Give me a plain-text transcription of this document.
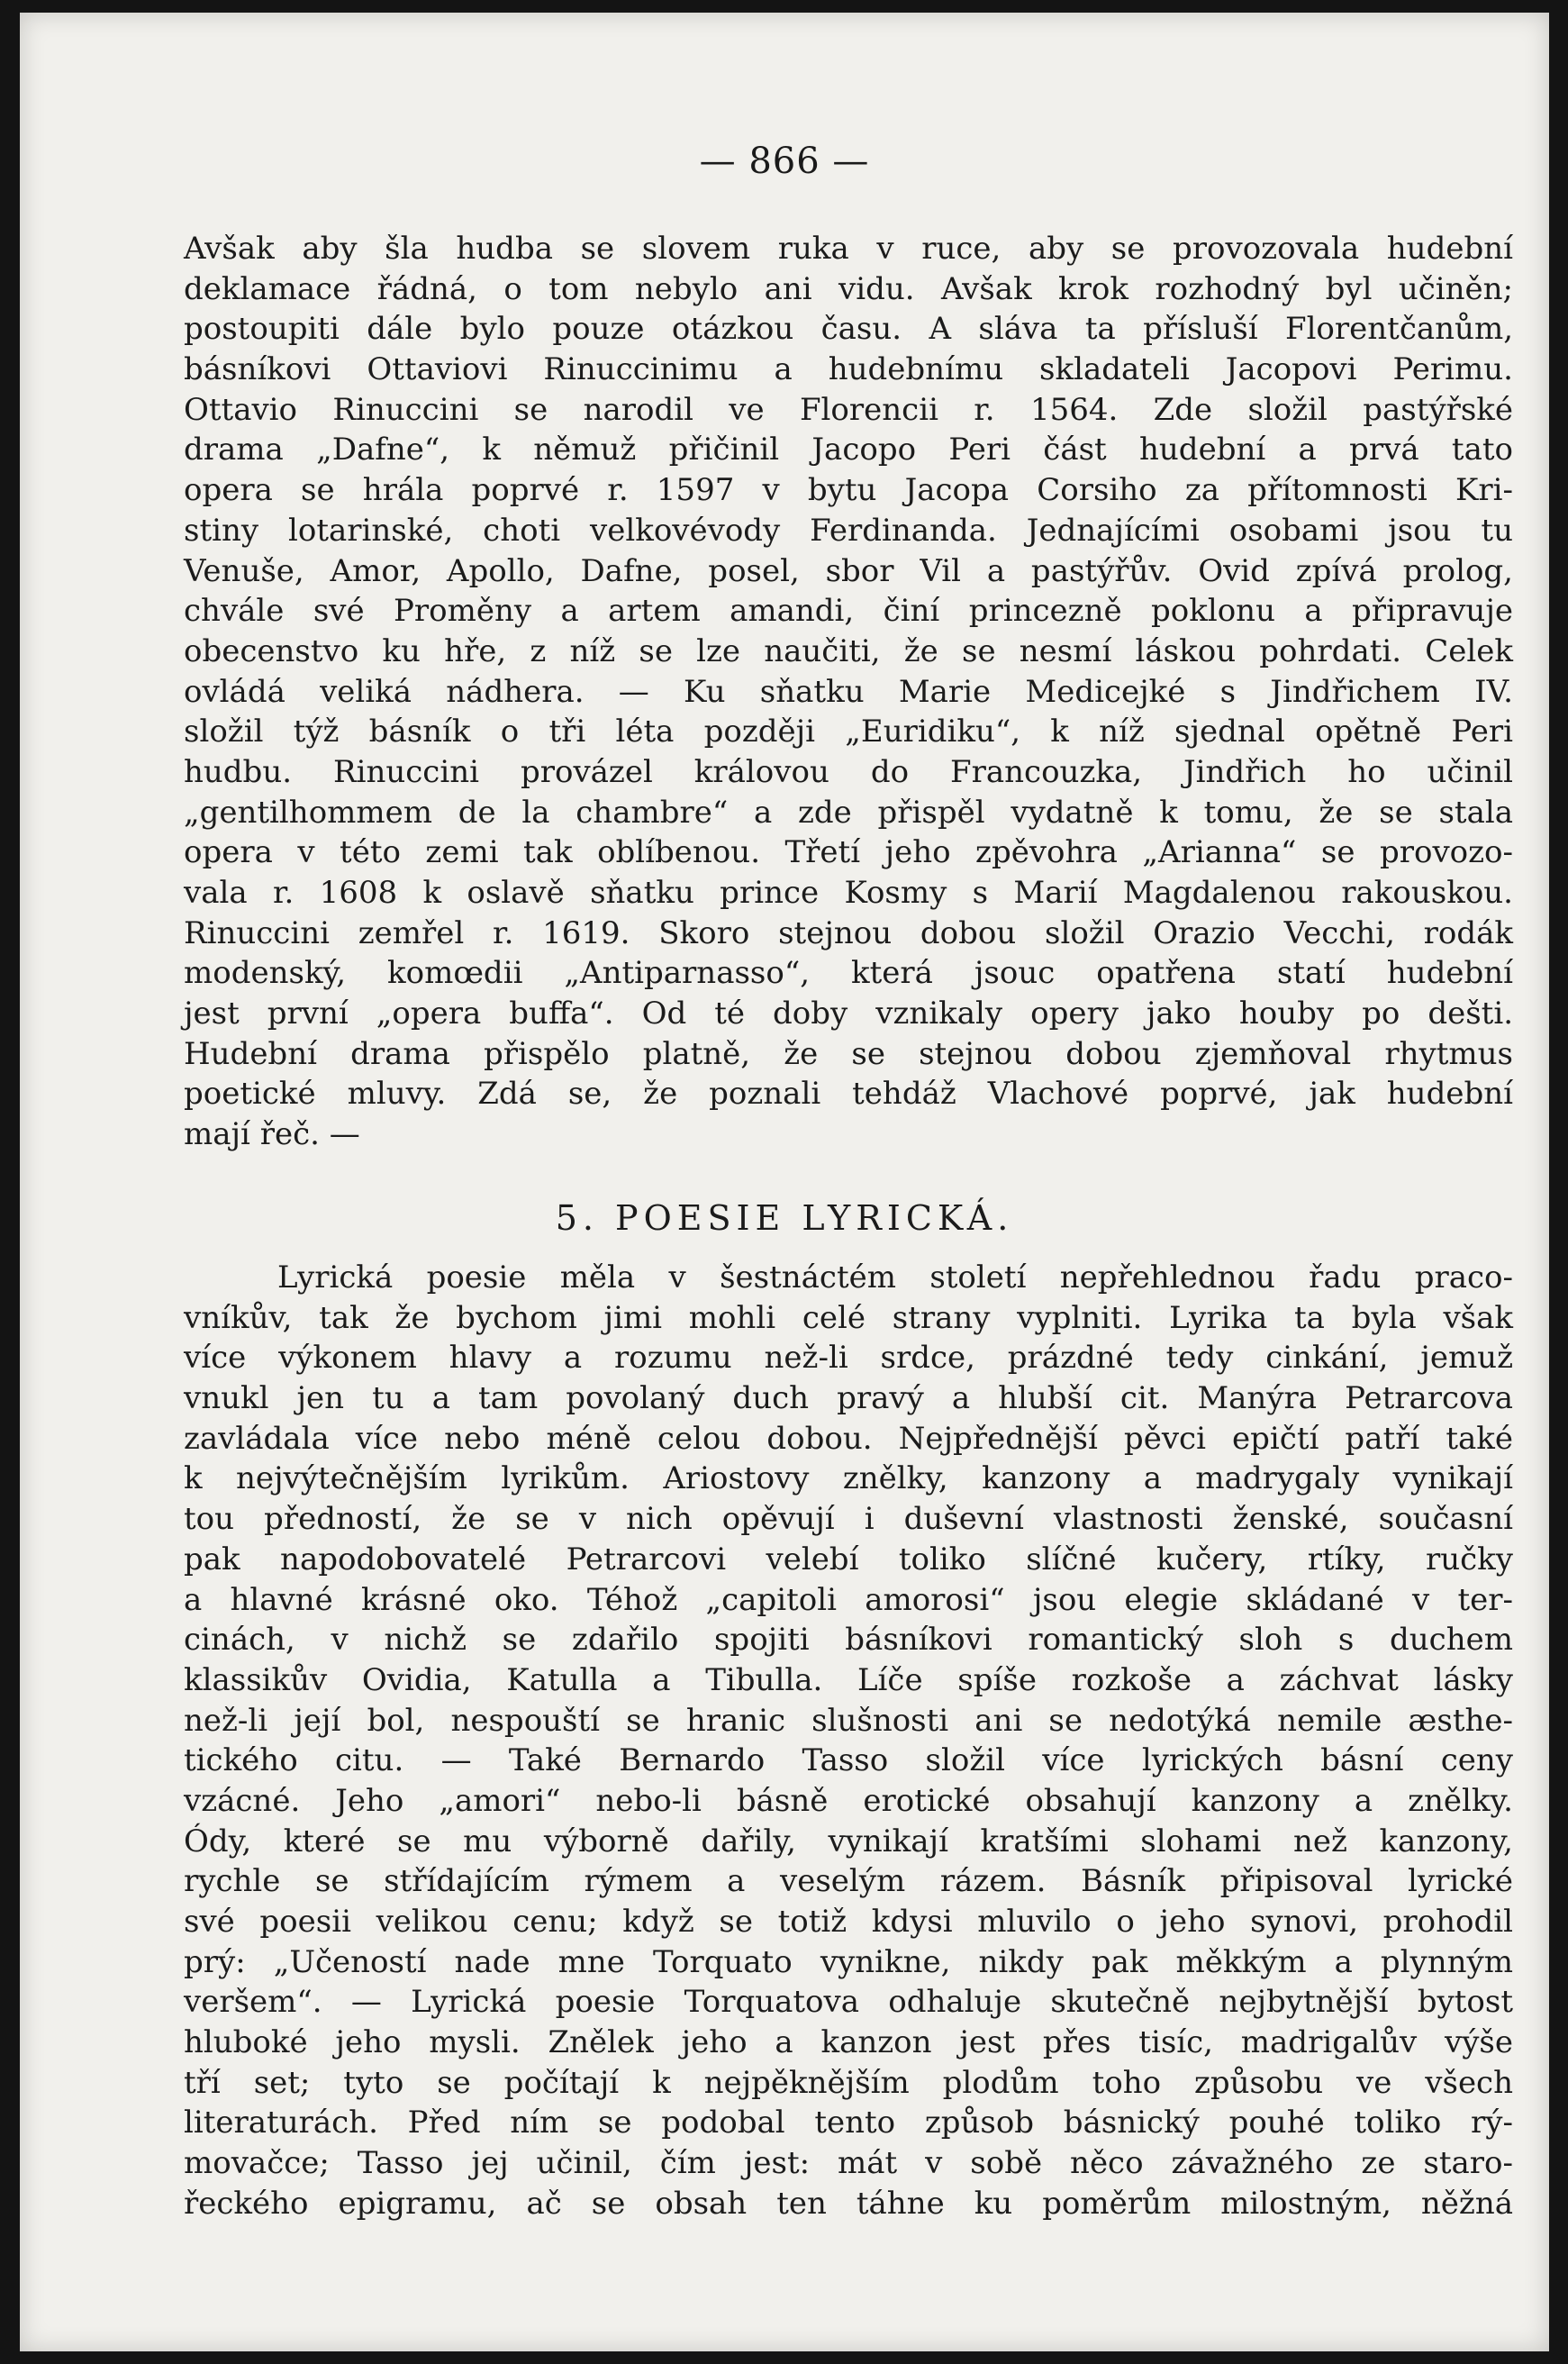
— 866 —
Avšak aby šla hudba se slovem ruka v ruce, aby se provozovala hudební
deklamace řádná, o tom nebylo ani vidu. Avšak krok rozhodný byl učiněn;
postoupiti dále bylo pouze otázkou času. A sláva ta přísluší Florentčanům,
básníkovi Ottaviovi Rinuccinimu a hudebnímu skladateli Jacopovi Perimu.
Ottavio Rinuccini se narodil ve Florencii r. 1564. Zde složil pastýřské
drama „Dafne“, k němuž přičinil Jacopo Peri část hudební a prvá tato
opera se hrála poprvé r. 1597 v bytu Jacopa Corsiho za přítomnosti Kri-
stiny lotarinské, choti velkovévody Ferdinanda. Jednajícími osobami jsou tu
Venuše, Amor, Apollo, Dafne, posel, sbor Vil a pastýřův. Ovid zpívá prolog,
chvále své Proměny a artem amandi, činí princezně poklonu a připravuje
obecenstvo ku hře, z níž se lze naučiti, že se nesmí láskou pohrdati. Celek
ovládá veliká nádhera. — Ku sňatku Marie Medicejké s Jindřichem IV.
složil týž básník o tři léta později „Euridiku“, k níž sjednal opětně Peri
hudbu. Rinuccini provázel královou do Francouzka, Jindřich ho učinil
„gentilhommem de la chambre“ a zde přispěl vydatně k tomu, že se stala
opera v této zemi tak oblíbenou. Třetí jeho zpěvohra „Arianna“ se provozo-
vala r. 1608 k oslavě sňatku prince Kosmy s Marií Magdalenou rakouskou.
Rinuccini zemřel r. 1619. Skoro stejnou dobou složil Orazio Vecchi, rodák
modenský, komœdii „Antiparnasso“, která jsouc opatřena statí hudební
jest první „opera buffa“. Od té doby vznikaly opery jako houby po dešti.
Hudební drama přispělo platně, že se stejnou dobou zjemňoval rhytmus
poetické mluvy. Zdá se, že poznali tehdáž Vlachové poprvé, jak hudební
mají řeč. —
5. POESIE LYRICKÁ.
Lyrická poesie měla v šestnáctém století nepřehlednou řadu praco-
vníkův, tak že bychom jimi mohli celé strany vyplniti. Lyrika ta byla však
více výkonem hlavy a rozumu než-li srdce, prázdné tedy cinkání, jemuž
vnukl jen tu a tam povolaný duch pravý a hlubší cit. Manýra Petrarcova
zavládala více nebo méně celou dobou. Nejpřednější pěvci epičtí patří také
k nejvýtečnějším lyrikům. Ariostovy znělky, kanzony a madrygaly vynikají
tou předností, že se v nich opěvují i duševní vlastnosti ženské, současní
pak napodobovatelé Petrarcovi velebí toliko slíčné kučery, rtíky, ručky
a hlavné krásné oko. Téhož „capitoli amorosi“ jsou elegie skládané v ter-
cinách, v nichž se zdařilo spojiti básníkovi romantický sloh s duchem
klassikův Ovidia, Katulla a Tibulla. Líče spíše rozkoše a záchvat lásky
než-li její bol, nespouští se hranic slušnosti ani se nedotýká nemile æsthe-
tického citu. — Také Bernardo Tasso složil více lyrických básní ceny
vzácné. Jeho „amori“ nebo-li básně erotické obsahují kanzony a znělky.
Ódy, které se mu výborně dařily, vynikají kratšími slohami než kanzony,
rychle se střídajícím rýmem a veselým rázem. Básník připisoval lyrické
své poesii velikou cenu; když se totiž kdysi mluvilo o jeho synovi, prohodil
prý: „Učeností nade mne Torquato vynikne, nikdy pak měkkým a plynným
veršem“. — Lyrická poesie Torquatova odhaluje skutečně nejbytnější bytost
hluboké jeho mysli. Znělek jeho a kanzon jest přes tisíc, madrigalův výše
tří set; tyto se počítají k nejpěknějším plodům toho způsobu ve všech
literaturách. Před ním se podobal tento způsob básnický pouhé toliko rý-
movačce; Tasso jej učinil, čím jest: mát v sobě něco závažného ze staro-
řeckého epigramu, ač se obsah ten táhne ku poměrům milostným, něžná
